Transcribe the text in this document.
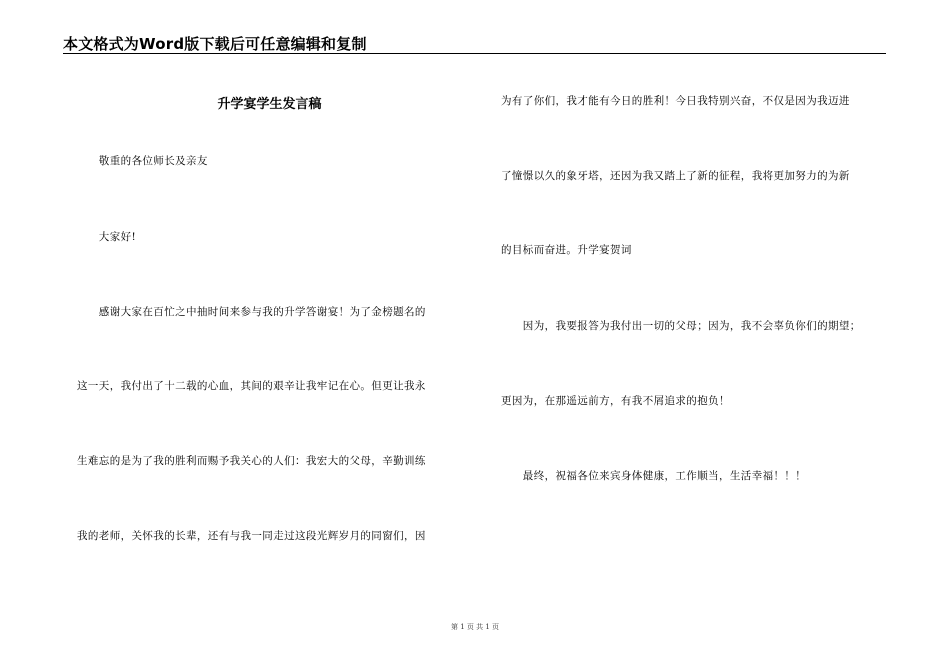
本文格式为Word版下载后可任意编辑和复制
升学宴学生发言稿
　　敬重的各位师长及亲友
　　大家好!
　　感谢大家在百忙之中抽时间来参与我的升学答谢宴！为了金榜题名的
这一天，我付出了十二载的心血，其间的艰辛让我牢记在心。但更让我永
生难忘的是为了我的胜利而赐予我关心的人们：我宏大的父母，辛勤训练
我的老师，关怀我的长辈，还有与我一同走过这段光辉岁月的同窗们，因
为有了你们，我才能有今日的胜利！今日我特别兴奋，不仅是因为我迈进
了憧憬以久的象牙塔，还因为我又踏上了新的征程，我将更加努力的为新
的目标而奋进。升学宴贺词
　　因为，我要报答为我付出一切的父母；因为，我不会辜负你们的期望；
更因为，在那遥远前方，有我不屑追求的抱负！
　　最终，祝福各位来宾身体健康，工作顺当，生活幸福！！！
第 1 页 共 1 页
